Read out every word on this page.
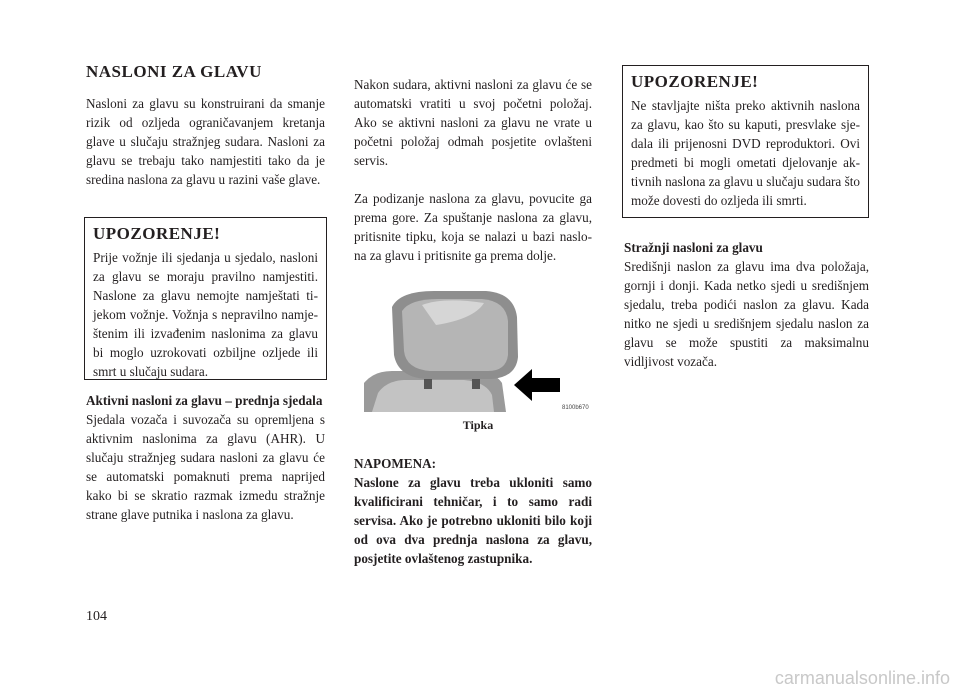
NASLONI ZA GLAVU

Nasloni za glavu su konstruirani da smanje rizik od ozljeda ograničavanjem kretanja glave u slučaju stražnjeg sudara. Nasloni za glavu se trebaju tako namjestiti tako da je sredina naslona za glavu u razini vaše glave.

UPOZORENJE!

Prije vožnje ili sjedanja u sjedalo, nasloni za glavu se moraju pravilno namjestiti. Naslone za glavu nemojte namještati ti-jekom vožnje. Vožnja s nepravilno namje-štenim ili izvađenim naslonima za glavu bi moglo uzrokovati ozbiljne ozljede ili smrt u slučaju sudara.

Aktivni nasloni za glavu – prednja sjedala

Sjedala vozača i suvozača su opremljena s aktivnim naslonima za glavu (AHR). U slučaju stražnjeg sudara nasloni za glavu će se automatski pomaknuti prema naprijed kako bi se skratio razmak izmedu stražnje strane glave putnika i naslona za glavu.

Nakon sudara, aktivni nasloni za glavu će se automatski vratiti u svoj početni položaj. Ako se aktivni nasloni za glavu ne vrate u početni položaj odmah posjetite ovlašteni servis.

Za podizanje naslona za glavu, povucite ga prema gore. Za spuštanje naslona za glavu, pritisnite tipku, koja se nalazi u bazi naslo-na za glavu i pritisnite ga prema dolje.

8100b670
Tipka

NAPOMENA:

Naslone za glavu treba ukloniti samo kvalificirani tehničar, i to samo radi servisa. Ako je potrebno ukloniti bilo koji od ova dva prednja naslona za glavu, posjetite ovlaštenog zastupnika.

UPOZORENJE!

Ne stavljajte ništa preko aktivnih naslona za glavu, kao što su kaputi, presvlake sje-dala ili prijenosni DVD reproduktori. Ovi predmeti bi mogli ometati djelovanje ak-tivnih naslona za glavu u slučaju sudara što može dovesti do ozljeda ili smrti.

Stražnji nasloni za glavu

Središnji naslon za glavu ima dva položaja, gornji i donji. Kada netko sjedi u središnjem sjedalu, treba podići naslon za glavu. Kada nitko ne sjedi u središnjem sjedalu naslon za glavu se može spustiti za maksimalnu vidljivost vozača.

104
carmanualsonline.info
